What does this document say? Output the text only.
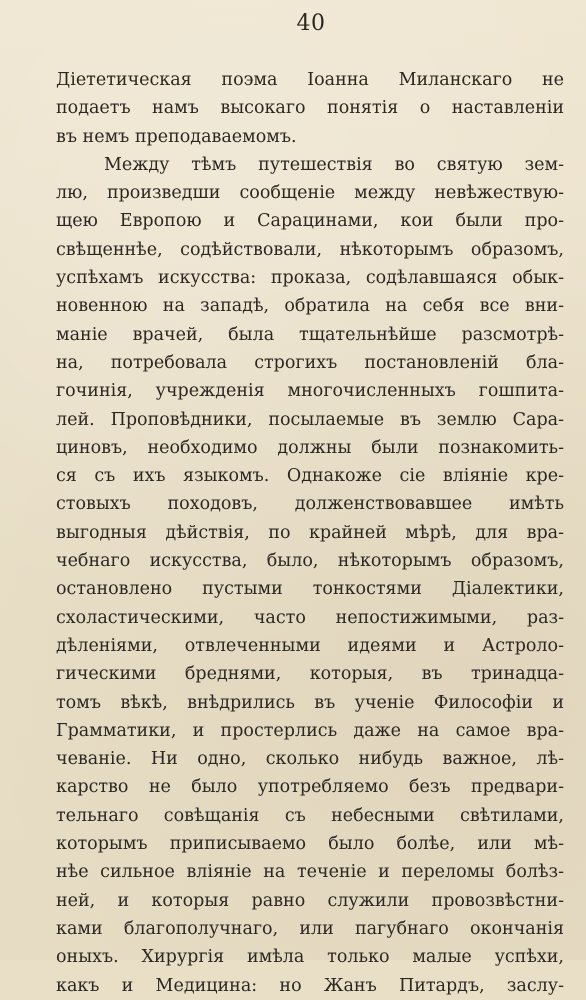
40
Діететическая поэма Іоанна Миланскаго не
подаетъ намъ высокаго понятія о наставленіи
въ немъ преподаваемомъ.
Между тѣмъ путешествія во святую зем-
лю, произведши сообщеніе между невѣжествую-
щею Европою и Сарацинами, кои были про-
свѣщеннѣе, содѣйствовали, нѣкоторымъ образомъ,
успѣхамъ искусства: проказа, содѣлавшаяся обык-
новенною на западѣ, обратила на себя все вни-
маніе врачей, была тщательнѣйше разсмотрѣ-
на, потребовала строгихъ постановленій бла-
гочинія, учрежденія многочисленныхъ гошпита-
лей. Проповѣдники, посылаемые въ землю Сара-
циновъ, необходимо должны были познакомить-
ся съ ихъ языкомъ. Однакоже сіе вліяніе кре-
стовыхъ походовъ, долженствовавшее имѣть
выгодныя дѣйствія, по крайней мѣрѣ, для вра-
чебнаго искусства, было, нѣкоторымъ образомъ,
остановлено пустыми тонкостями Діалектики,
схоластическими, часто непостижимыми, раз-
дѣленіями, отвлеченными идеями и Астроло-
гическими бреднями, которыя, въ тринадца-
томъ вѣкѣ, внѣдрились въ ученіе Философіи и
Грамматики, и простерлись даже на самое вра-
чеваніе. Ни одно, сколько нибудь важное, лѣ-
карство не было употребляемо безъ предвари-
тельнаго совѣщанія съ небесными свѣтилами,
которымъ приписываемо было болѣе, или мѣ-
нѣе сильное вліяніе на теченіе и переломы болѣз-
ней, и которыя равно служили провозвѣстни-
ками благополучнаго, или пагубнаго окончанія
оныхъ. Хирургія имѣла только малые успѣхи,
какъ и Медицина: но Жанъ Питардъ, заслу-
